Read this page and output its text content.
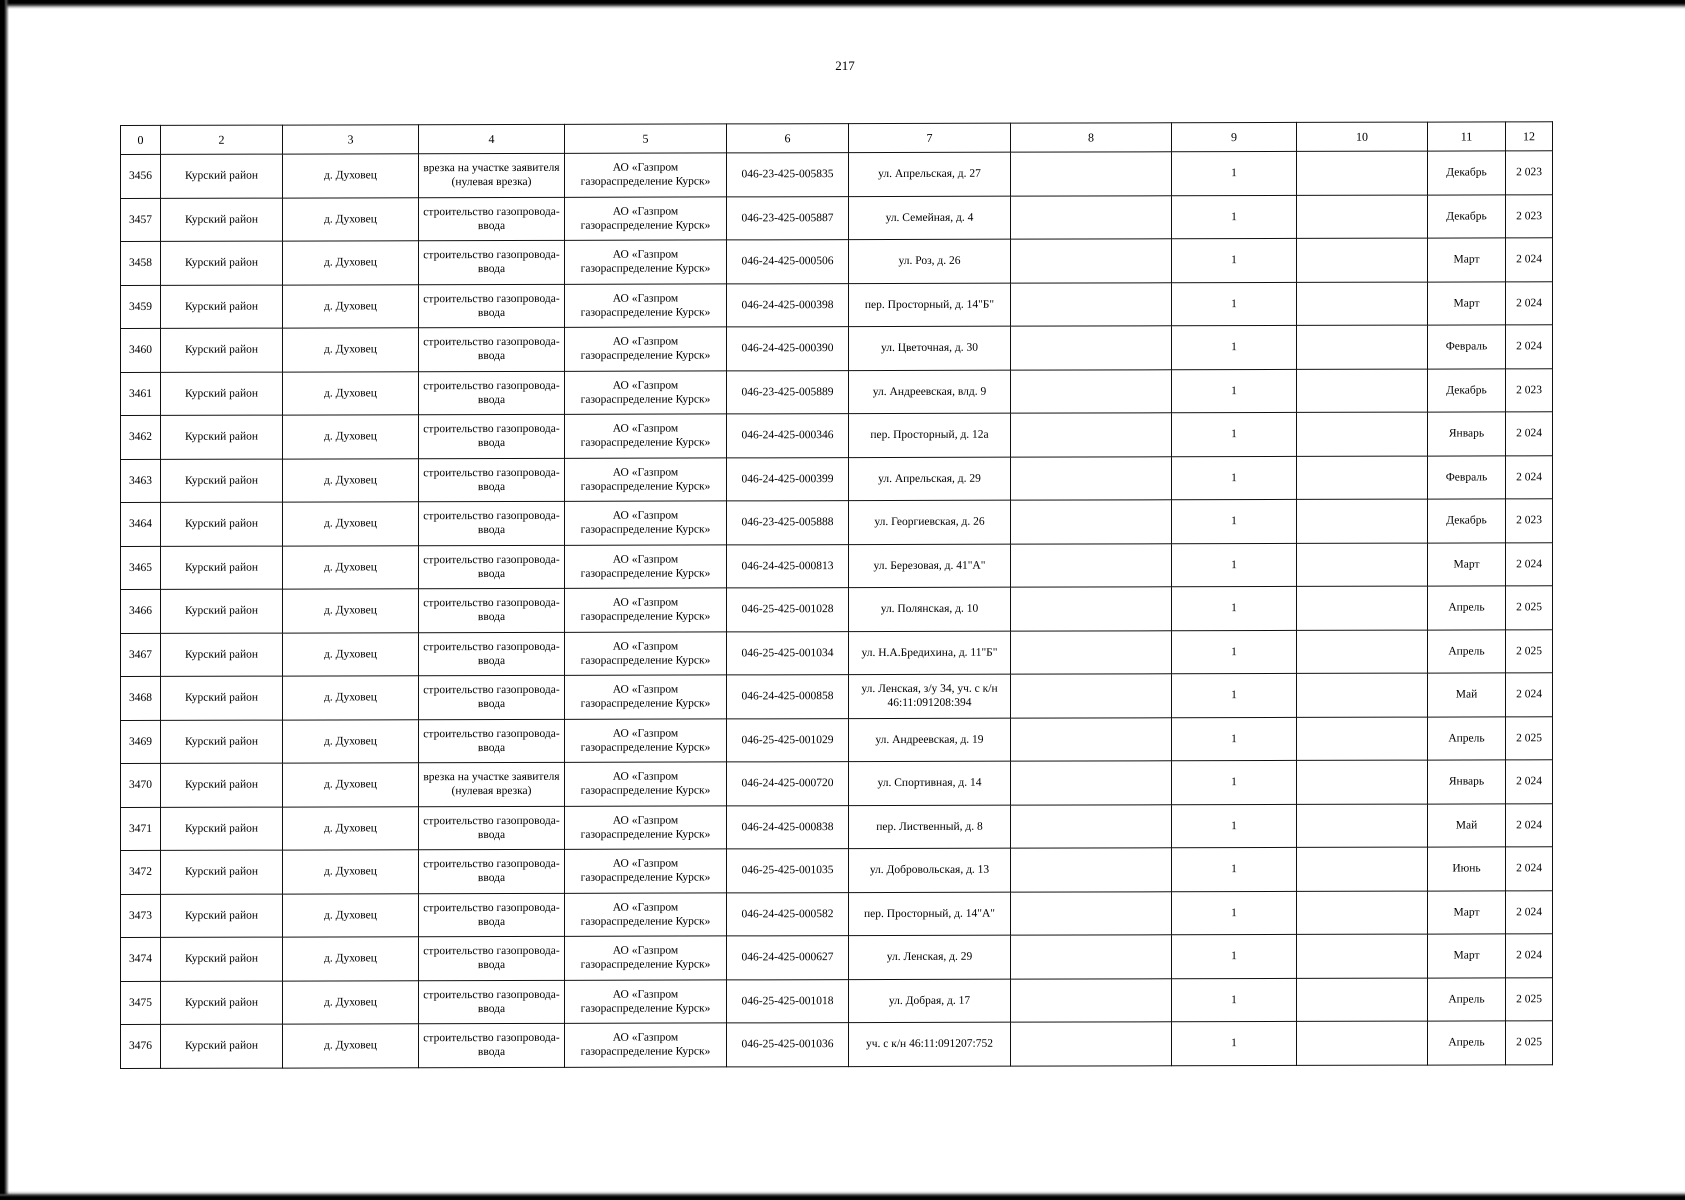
217
0	2	3	4	5	6	7	8	9	10	11	12
3456	Курский район	д. Духовец	врезка на участке заявителя (нулевая врезка)	АО «Газпром газораспределение Курск»	046-23-425-005835	ул. Апрельская, д. 27		1		Декабрь	2 023
3457	Курский район	д. Духовец	строительство газопровода-ввода	АО «Газпром газораспределение Курск»	046-23-425-005887	ул. Семейная, д. 4		1		Декабрь	2 023
3458	Курский район	д. Духовец	строительство газопровода-ввода	АО «Газпром газораспределение Курск»	046-24-425-000506	ул. Роз, д. 26		1		Март	2 024
3459	Курский район	д. Духовец	строительство газопровода-ввода	АО «Газпром газораспределение Курск»	046-24-425-000398	пер. Просторный, д. 14"Б"		1		Март	2 024
3460	Курский район	д. Духовец	строительство газопровода-ввода	АО «Газпром газораспределение Курск»	046-24-425-000390	ул. Цветочная, д. 30		1		Февраль	2 024
3461	Курский район	д. Духовец	строительство газопровода-ввода	АО «Газпром газораспределение Курск»	046-23-425-005889	ул. Андреевская, влд. 9		1		Декабрь	2 023
3462	Курский район	д. Духовец	строительство газопровода-ввода	АО «Газпром газораспределение Курск»	046-24-425-000346	пер. Просторный, д. 12а		1		Январь	2 024
3463	Курский район	д. Духовец	строительство газопровода-ввода	АО «Газпром газораспределение Курск»	046-24-425-000399	ул. Апрельская, д. 29		1		Февраль	2 024
3464	Курский район	д. Духовец	строительство газопровода-ввода	АО «Газпром газораспределение Курск»	046-23-425-005888	ул. Георгиевская, д. 26		1		Декабрь	2 023
3465	Курский район	д. Духовец	строительство газопровода-ввода	АО «Газпром газораспределение Курск»	046-24-425-000813	ул. Березовая, д. 41"А"		1		Март	2 024
3466	Курский район	д. Духовец	строительство газопровода-ввода	АО «Газпром газораспределение Курск»	046-25-425-001028	ул. Полянская, д. 10		1		Апрель	2 025
3467	Курский район	д. Духовец	строительство газопровода-ввода	АО «Газпром газораспределение Курск»	046-25-425-001034	ул. Н.А.Бредихина, д. 11"Б"		1		Апрель	2 025
3468	Курский район	д. Духовец	строительство газопровода-ввода	АО «Газпром газораспределение Курск»	046-24-425-000858	ул. Ленская, з/у 34, уч. с к/н 46:11:091208:394		1		Май	2 024
3469	Курский район	д. Духовец	строительство газопровода-ввода	АО «Газпром газораспределение Курск»	046-25-425-001029	ул. Андреевская, д. 19		1		Апрель	2 025
3470	Курский район	д. Духовец	врезка на участке заявителя (нулевая врезка)	АО «Газпром газораспределение Курск»	046-24-425-000720	ул. Спортивная, д. 14		1		Январь	2 024
3471	Курский район	д. Духовец	строительство газопровода-ввода	АО «Газпром газораспределение Курск»	046-24-425-000838	пер. Лиственный, д. 8		1		Май	2 024
3472	Курский район	д. Духовец	строительство газопровода-ввода	АО «Газпром газораспределение Курск»	046-25-425-001035	ул. Добровольская, д. 13		1		Июнь	2 024
3473	Курский район	д. Духовец	строительство газопровода-ввода	АО «Газпром газораспределение Курск»	046-24-425-000582	пер. Просторный, д. 14"А"		1		Март	2 024
3474	Курский район	д. Духовец	строительство газопровода-ввода	АО «Газпром газораспределение Курск»	046-24-425-000627	ул. Ленская, д. 29		1		Март	2 024
3475	Курский район	д. Духовец	строительство газопровода-ввода	АО «Газпром газораспределение Курск»	046-25-425-001018	ул. Добрая, д. 17		1		Апрель	2 025
3476	Курский район	д. Духовец	строительство газопровода-ввода	АО «Газпром газораспределение Курск»	046-25-425-001036	уч. с к/н 46:11:091207:752		1		Апрель	2 025
